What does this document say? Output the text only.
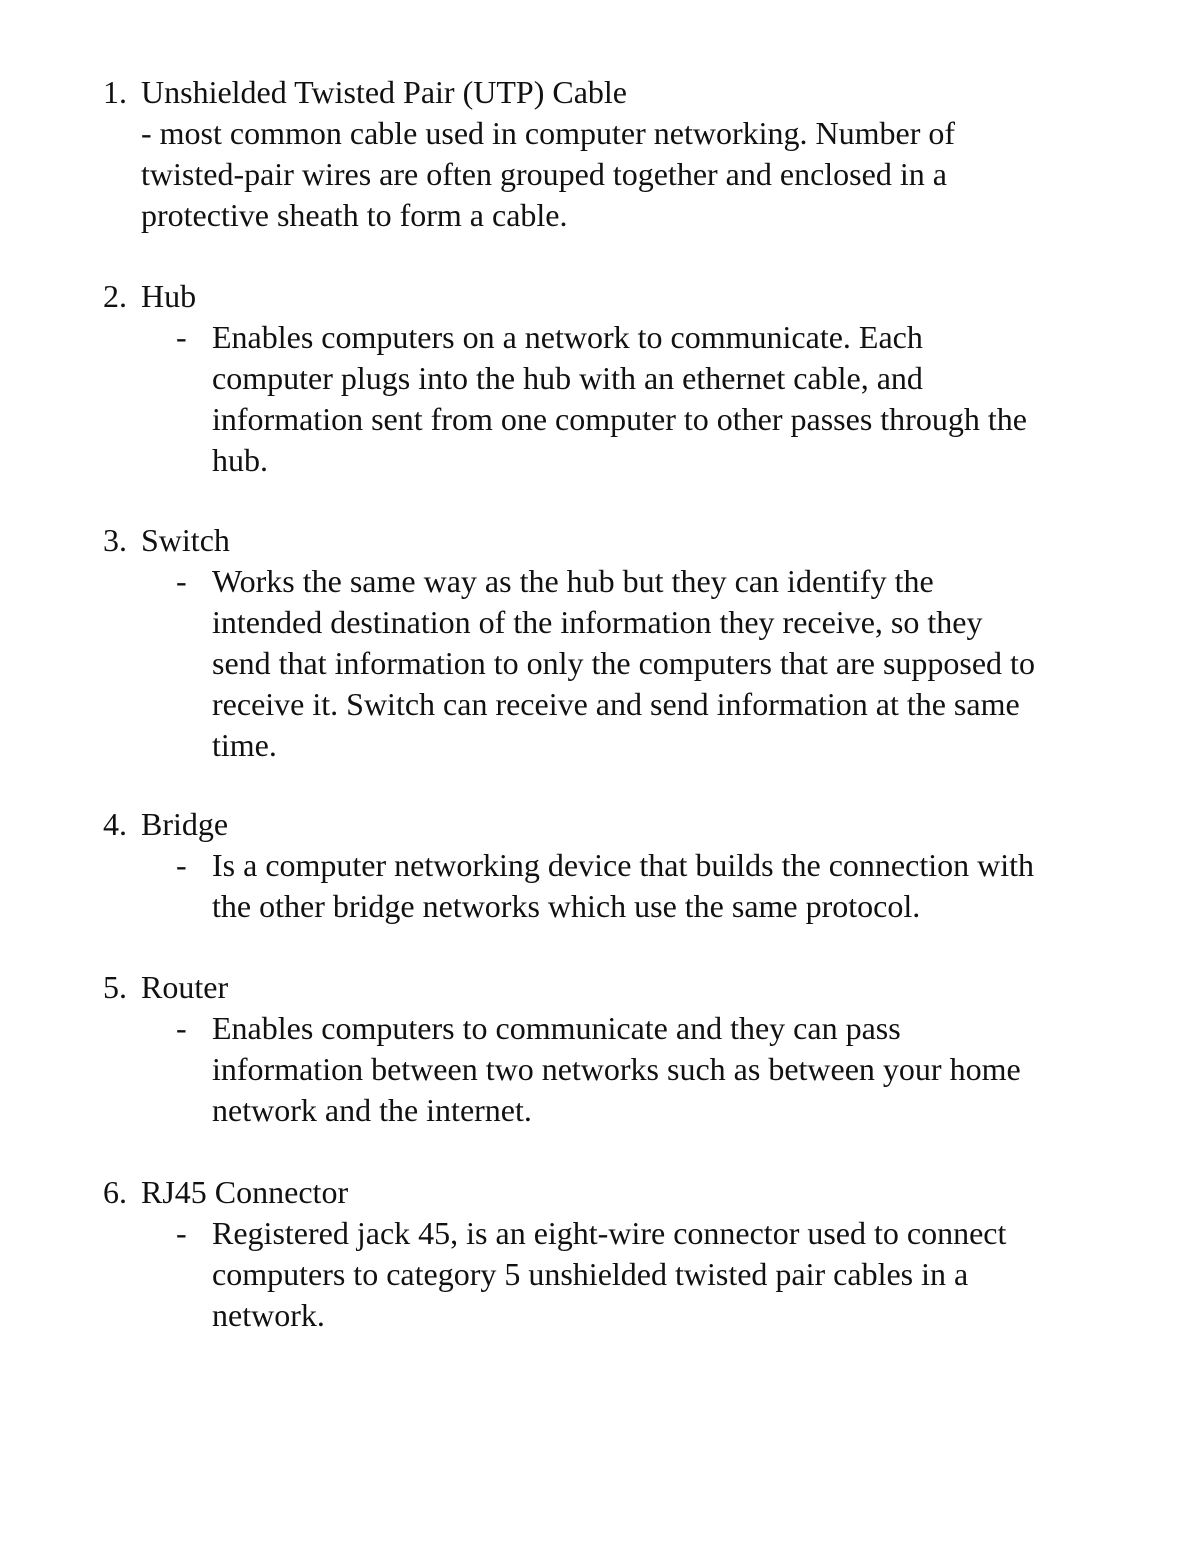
1. Unshielded Twisted Pair (UTP) Cable
- most common cable used in computer networking. Number of
twisted-pair wires are often grouped together and enclosed in a
protective sheath to form a cable.
2. Hub
- Enables computers on a network to communicate. Each
computer plugs into the hub with an ethernet cable, and
information sent from one computer to other passes through the
hub.
3. Switch
- Works the same way as the hub but they can identify the
intended destination of the information they receive, so they
send that information to only the computers that are supposed to
receive it. Switch can receive and send information at the same
time.
4. Bridge
- Is a computer networking device that builds the connection with
the other bridge networks which use the same protocol.
5. Router
- Enables computers to communicate and they can pass
information between two networks such as between your home
network and the internet.
6. RJ45 Connector
- Registered jack 45, is an eight-wire connector used to connect
computers to category 5 unshielded twisted pair cables in a
network.
